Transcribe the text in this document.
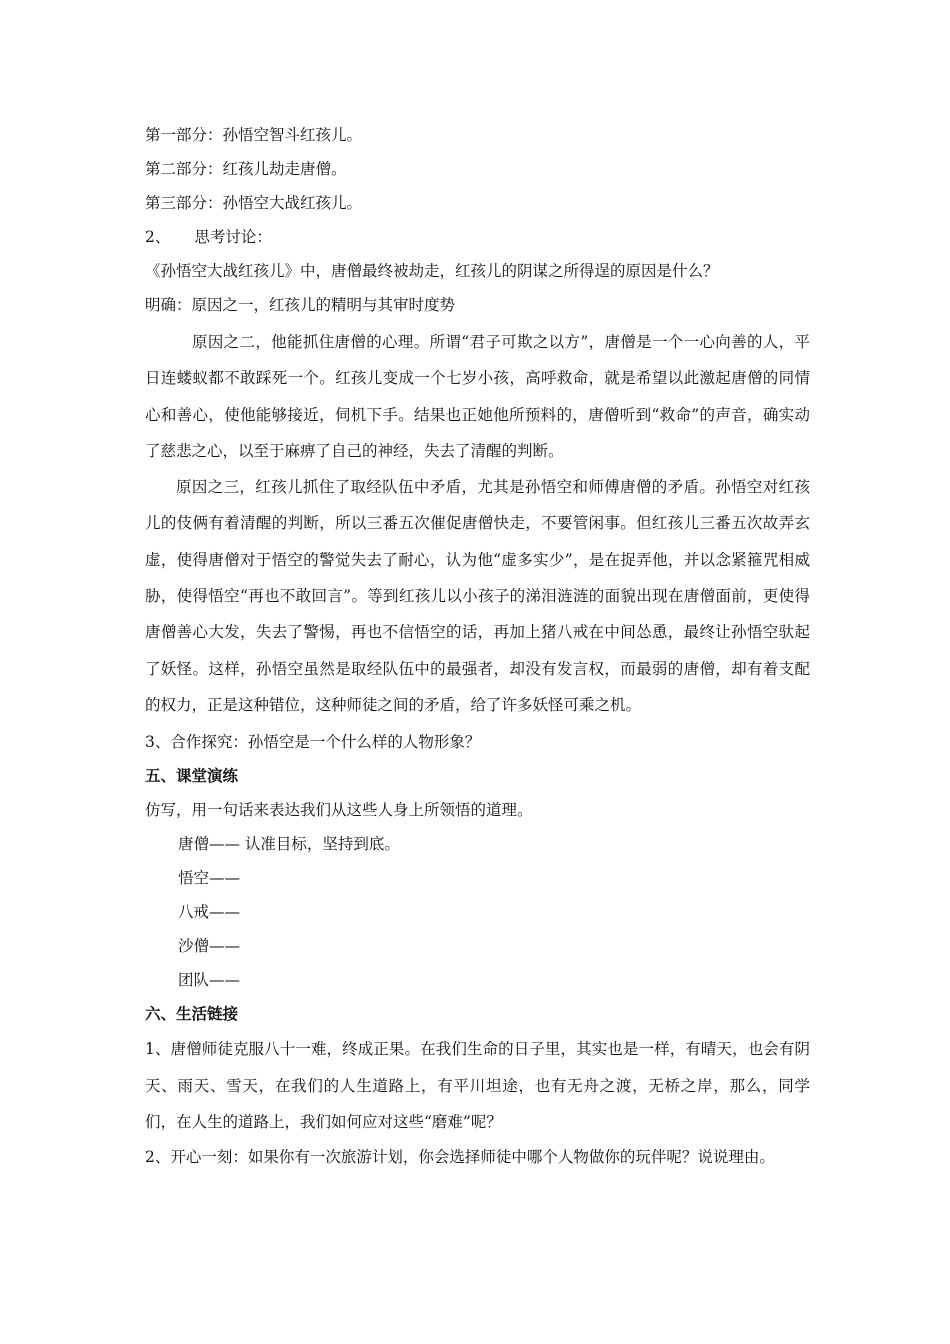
第一部分：孙悟空智斗红孩儿。
第二部分：红孩儿劫走唐僧。
第三部分：孙悟空大战红孩儿。
2、 思考讨论：
《孙悟空大战红孩儿》中，唐僧最终被劫走，红孩儿的阴谋之所得逞的原因是什么？
明确：原因之一，红孩儿的精明与其审时度势
原因之二，他能抓住唐僧的心理。所谓“君子可欺之以方”，唐僧是一个一心向善的人，平日连蝼蚁都不敢踩死一个。红孩儿变成一个七岁小孩，高呼救命，就是希望以此激起唐僧的同情心和善心，使他能够接近，伺机下手。结果也正她他所预料的，唐僧听到“救命”的声音，确实动了慈悲之心，以至于麻痹了自己的神经，失去了清醒的判断。
原因之三，红孩儿抓住了取经队伍中矛盾，尤其是孙悟空和师傅唐僧的矛盾。孙悟空对红孩儿的伎俩有着清醒的判断，所以三番五次催促唐僧快走，不要管闲事。但红孩儿三番五次故弄玄虚，使得唐僧对于悟空的警觉失去了耐心，认为他“虚多实少”，是在捉弄他，并以念紧箍咒相威胁，使得悟空“再也不敢回言”。等到红孩儿以小孩子的涕泪涟涟的面貌出现在唐僧面前，更使得唐僧善心大发，失去了警惕，再也不信悟空的话，再加上猪八戒在中间怂恿，最终让孙悟空驮起了妖怪。这样，孙悟空虽然是取经队伍中的最强者，却没有发言权，而最弱的唐僧，却有着支配的权力，正是这种错位，这种师徒之间的矛盾，给了许多妖怪可乘之机。
3、合作探究：孙悟空是一个什么样的人物形象？
五、课堂演练
仿写，用一句话来表达我们从这些人身上所领悟的道理。
唐僧—— 认准目标，坚持到底。
悟空——
八戒——
沙僧——
团队——
六、生活链接
1、唐僧师徒克服八十一难，终成正果。在我们生命的日子里，其实也是一样，有晴天，也会有阴天、雨天、雪天，在我们的人生道路上，有平川坦途，也有无舟之渡，无桥之岸，那么，同学们，在人生的道路上，我们如何应对这些“磨难”呢？
2、开心一刻：如果你有一次旅游计划，你会选择师徒中哪个人物做你的玩伴呢？说说理由。
